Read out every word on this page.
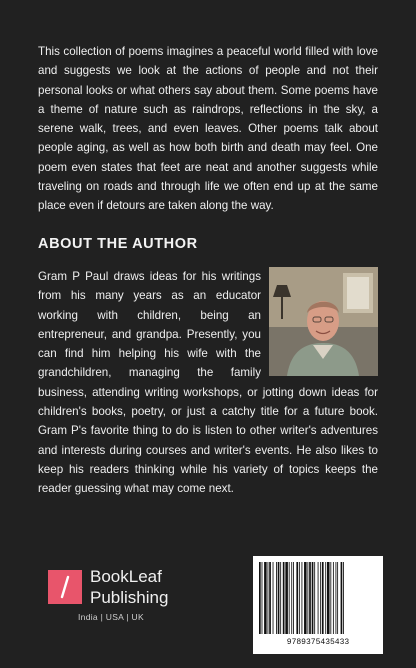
This collection of poems imagines a peaceful world filled with love and suggests we look at the actions of people and not their personal looks or what others say about them. Some poems have a theme of nature such as raindrops, reflections in the sky, a serene walk, trees, and even leaves. Other poems talk about people aging, as well as how both birth and death may feel. One poem even states that feet are neat and another suggests while traveling on roads and through life we often end up at the same place even if detours are taken along the way.

ABOUT THE AUTHOR
Gram P Paul draws ideas for his writings from his many years as an educator working with children, being an entrepreneur, and grandpa. Presently, you can find him helping his wife with the grandchildren, managing the family business, attending writing workshops, or jotting down ideas for children's books, poetry, or just a catchy title for a future book. Gram P's favorite thing to do is listen to other writer's adventures and interests during courses and writer's events. He also likes to keep his readers thinking while his variety of topics keeps the reader guessing what may come next.
BookLeaf
Publishing
India | USA | UK
9789375435433
